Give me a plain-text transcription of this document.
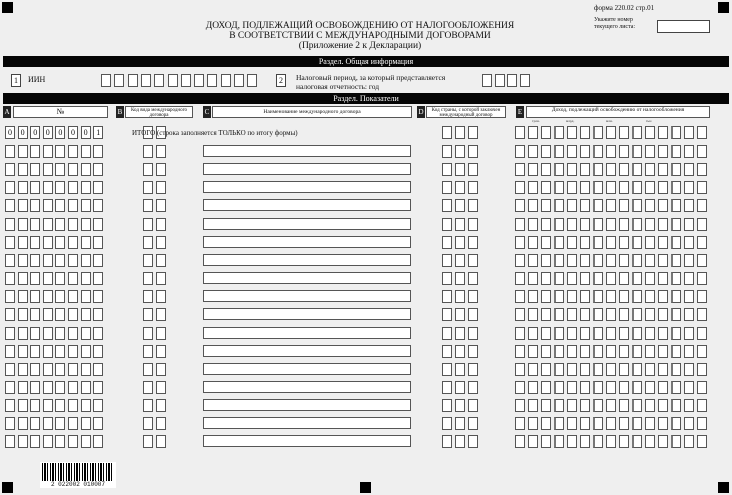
форма 220.02 стр.01
Укажите номер текущего листа:
ДОХОД, ПОДЛЕЖАЩИЙ ОСВОБОЖДЕНИЮ ОТ НАЛОГООБЛОЖЕНИЯ
В СООТВЕТСТВИИ С МЕЖДУНАРОДНЫМИ ДОГОВОРАМИ
(Приложение 2 к Декларации)
Раздел. Общая информация
1	ИИН	2	Налоговый период, за который представляется
налоговая отчетность: год
Раздел. Показатели
A	№	B	Код вида международного договора	C	Наименование международного договора	D	Код страны, с которой заключен международный договор	E	Доход, подлежащий освобождению от налогообложения
трлн.	млрд.	млн.	тыс.
0	0	0	0	0	0	0	1	ИТОГО (строка заполняется ТОЛЬКО по итогу формы)
2 022002 010007
